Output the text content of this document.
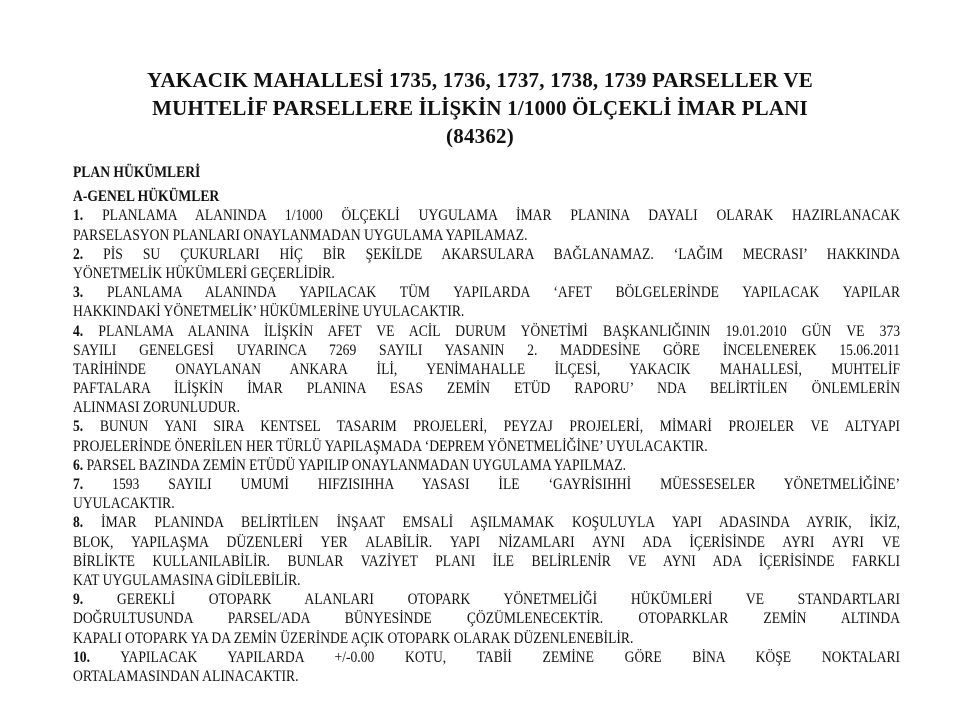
YAKACIK MAHALLESİ 1735, 1736, 1737, 1738, 1739 PARSELLER VE
MUHTELİF PARSELLERE İLİŞKİN 1/1000 ÖLÇEKLİ İMAR PLANI
(84362)
PLAN HÜKÜMLERİ
A-GENEL HÜKÜMLER
1. PLANLAMA ALANINDA 1/1000 ÖLÇEKLİ UYGULAMA İMAR PLANINA DAYALI OLARAK HAZIRLANACAK
PARSELASYON PLANLARI ONAYLANMADAN UYGULAMA YAPILAMAZ.
2. PİS SU ÇUKURLARI HİÇ BİR ŞEKİLDE AKARSULARA BAĞLANAMAZ. ‘LAĞIM MECRASI’ HAKKINDA
YÖNETMELİK HÜKÜMLERİ GEÇERLİDİR.
3. PLANLAMA ALANINDA YAPILACAK TÜM YAPILARDA ‘AFET BÖLGELERİNDE YAPILACAK YAPILAR
HAKKINDAKİ YÖNETMELİK’ HÜKÜMLERİNE UYULACAKTIR.
4. PLANLAMA ALANINA İLİŞKİN AFET VE ACİL DURUM YÖNETİMİ BAŞKANLIĞININ 19.01.2010 GÜN VE 373
SAYILI GENELGESİ UYARINCA 7269 SAYILI YASANIN 2. MADDESİNE GÖRE İNCELENEREK 15.06.2011
TARİHİNDE ONAYLANAN ANKARA İLİ, YENİMAHALLE İLÇESİ, YAKACIK MAHALLESİ, MUHTELİF
PAFTALARA İLİŞKİN İMAR PLANINA ESAS ZEMİN ETÜD RAPORU’ NDA BELİRTİLEN ÖNLEMLERİN
ALINMASI ZORUNLUDUR.
5. BUNUN YANI SIRA KENTSEL TASARIM PROJELERİ, PEYZAJ PROJELERİ, MİMARİ PROJELER VE ALTYAPI
PROJELERİNDE ÖNERİLEN HER TÜRLÜ YAPILAŞMADA ‘DEPREM YÖNETMELİĞİNE’ UYULACAKTIR.
6. PARSEL BAZINDA ZEMİN ETÜDÜ YAPILIP ONAYLANMADAN UYGULAMA YAPILMAZ.
7. 1593 SAYILI UMUMİ HIFZISIHHA YASASI İLE ‘GAYRİSIHHİ MÜESSESELER YÖNETMELİĞİNE’
UYULACAKTIR.
8. İMAR PLANINDA BELİRTİLEN İNŞAAT EMSALİ AŞILMAMAK KOŞULUYLA YAPI ADASINDA AYRIK, İKİZ,
BLOK, YAPILAŞMA DÜZENLERİ YER ALABİLİR. YAPI NİZAMLARI AYNI ADA İÇERİSİNDE AYRI AYRI VE
BİRLİKTE KULLANILABİLİR. BUNLAR VAZİYET PLANI İLE BELİRLENİR VE AYNI ADA İÇERİSİNDE FARKLI
KAT UYGULAMASINA GİDİLEBİLİR.
9. GEREKLİ OTOPARK ALANLARI OTOPARK YÖNETMELİĞİ HÜKÜMLERİ VE STANDARTLARI
DOĞRULTUSUNDA PARSEL/ADA BÜNYESİNDE ÇÖZÜMLENECEKTİR. OTOPARKLAR ZEMİN ALTINDA
KAPALI OTOPARK YA DA ZEMİN ÜZERİNDE AÇIK OTOPARK OLARAK DÜZENLENEBİLİR.
10. YAPILACAK YAPILARDA +/-0.00 KOTU, TABİİ ZEMİNE GÖRE BİNA KÖŞE NOKTALARI
ORTALAMASINDAN ALINACAKTIR.
